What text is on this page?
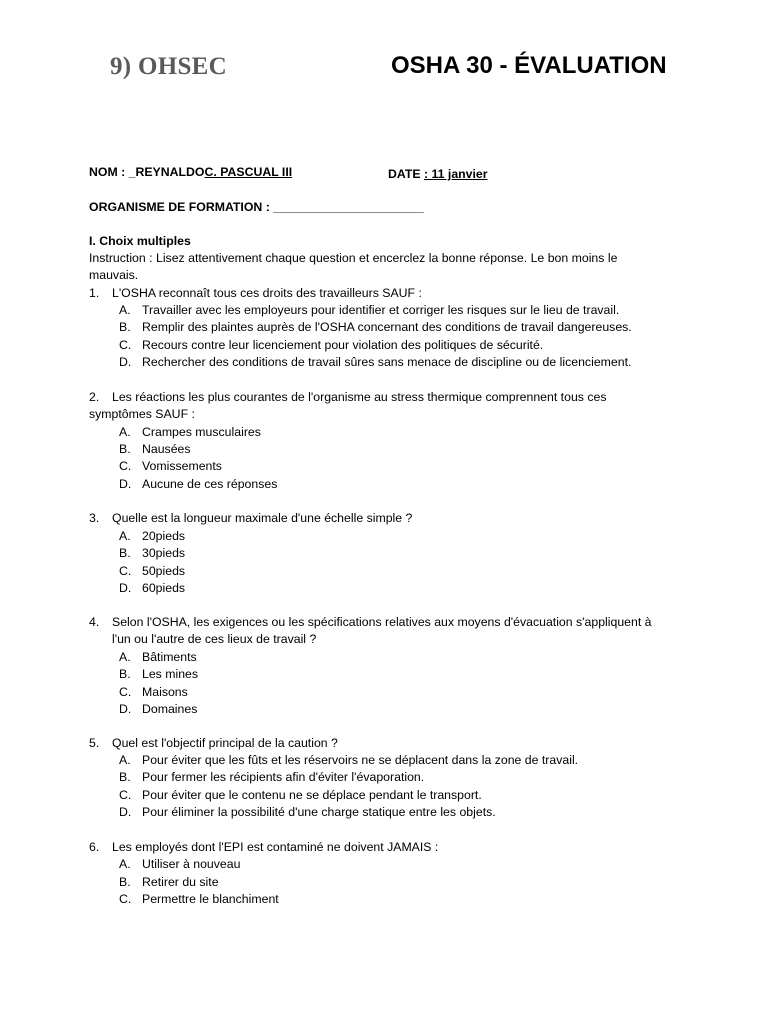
9) OHSEC	OSHA 30 - ÉVALUATION
NOM : _REYNALDOC. PASCUAL III	DATE : 11 janvier
ORGANISME DE FORMATION : ______________________
I. Choix multiples
Instruction : Lisez attentivement chaque question et encerclez la bonne réponse. Le bon moins le
mauvais.
1. L'OSHA reconnaît tous ces droits des travailleurs SAUF :
A. Travailler avec les employeurs pour identifier et corriger les risques sur le lieu de travail.
B. Remplir des plaintes auprès de l'OSHA concernant des conditions de travail dangereuses.
C. Recours contre leur licenciement pour violation des politiques de sécurité.
D. Rechercher des conditions de travail sûres sans menace de discipline ou de licenciement.
2. Les réactions les plus courantes de l'organisme au stress thermique comprennent tous ces
symptômes SAUF :
A. Crampes musculaires
B. Nausées
C. Vomissements
D. Aucune de ces réponses
3. Quelle est la longueur maximale d'une échelle simple ?
A. 20pieds
B. 30pieds
C. 50pieds
D. 60pieds
4. Selon l'OSHA, les exigences ou les spécifications relatives aux moyens d'évacuation s'appliquent à
l'un ou l'autre de ces lieux de travail ?
A. Bâtiments
B. Les mines
C. Maisons
D. Domaines
5. Quel est l'objectif principal de la caution ?
A. Pour éviter que les fûts et les réservoirs ne se déplacent dans la zone de travail.
B. Pour fermer les récipients afin d'éviter l'évaporation.
C. Pour éviter que le contenu ne se déplace pendant le transport.
D. Pour éliminer la possibilité d'une charge statique entre les objets.
6. Les employés dont l'EPI est contaminé ne doivent JAMAIS :
A. Utiliser à nouveau
B. Retirer du site
C. Permettre le blanchiment
